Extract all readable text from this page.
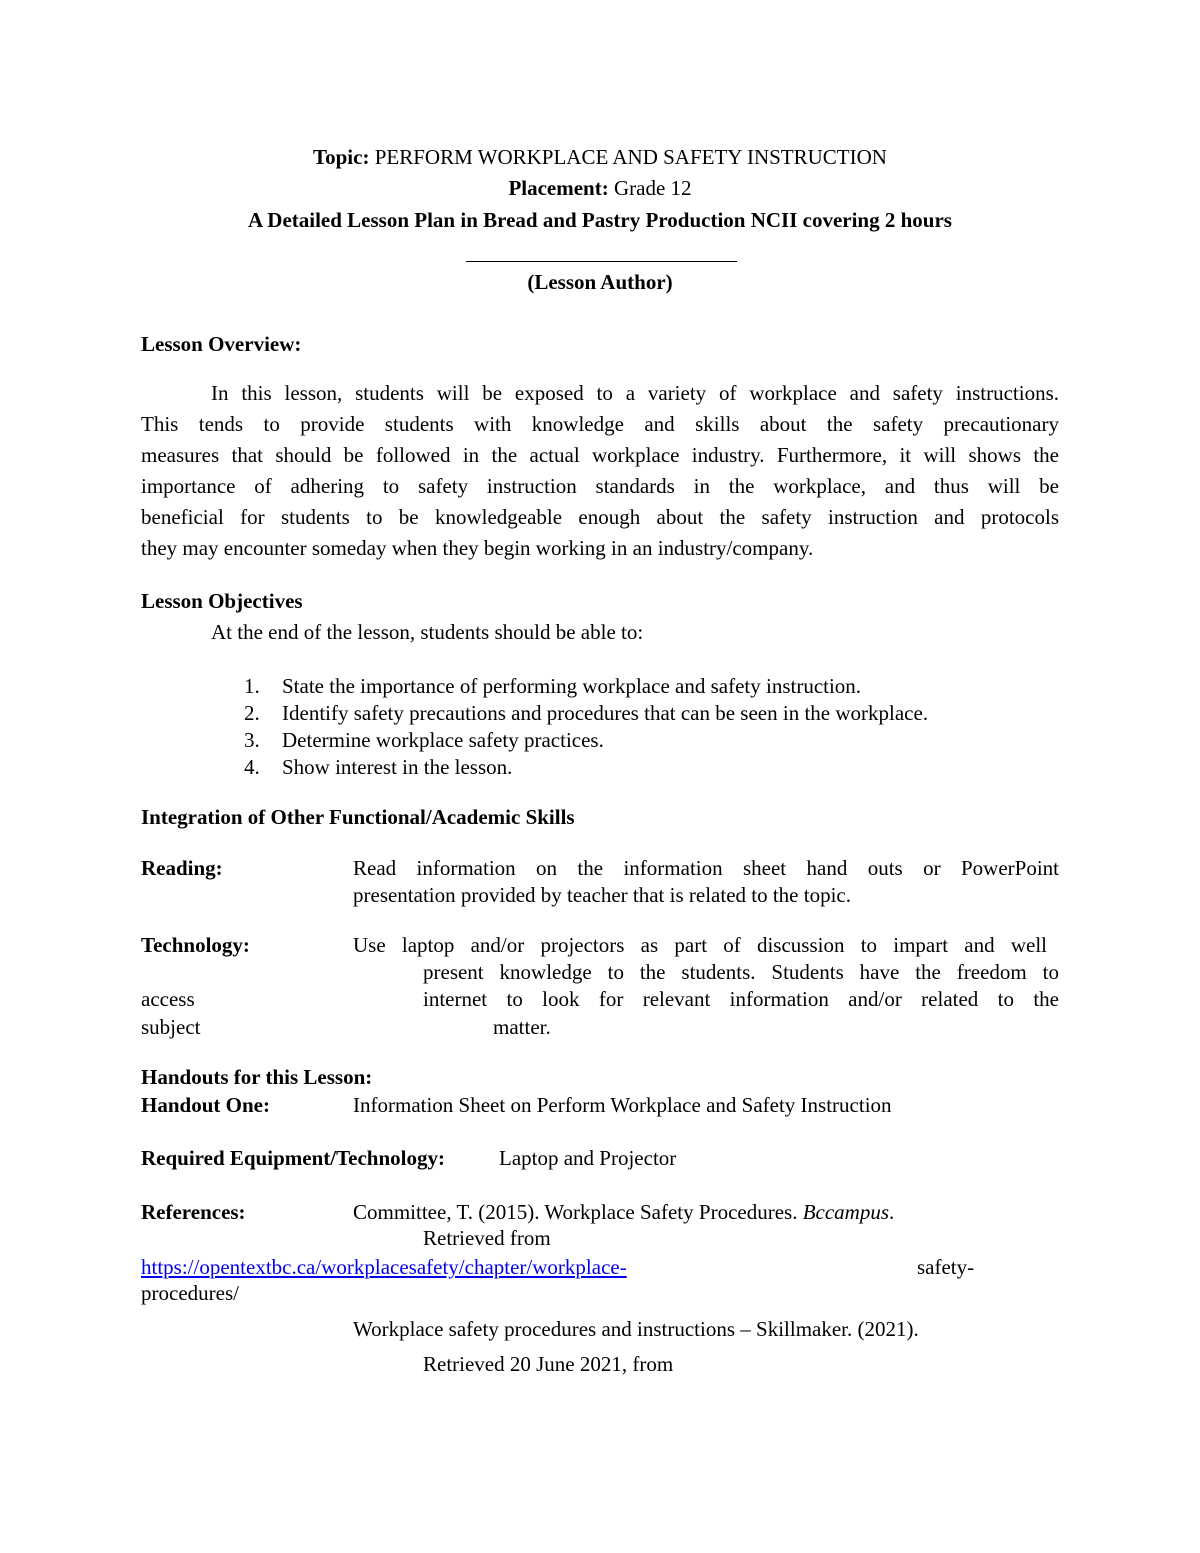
Topic: PERFORM WORKPLACE AND SAFETY INSTRUCTION
Placement: Grade 12
A Detailed Lesson Plan in Bread and Pastry Production NCII covering 2 hours
(Lesson Author)
Lesson Overview:
In this lesson, students will be exposed to a variety of workplace and safety instructions.
This tends to provide students with knowledge and skills about the safety precautionary
measures that should be followed in the actual workplace industry. Furthermore, it will shows the
importance of adhering to safety instruction standards in the workplace, and thus will be
beneficial for students to be knowledgeable enough about the safety instruction and protocols
they may encounter someday when they begin working in an industry/company.
Lesson Objectives
At the end of the lesson, students should be able to:
1. State the importance of performing workplace and safety instruction.
2. Identify safety precautions and procedures that can be seen in the workplace.
3. Determine workplace safety practices.
4. Show interest in the lesson.
Integration of Other Functional/Academic Skills
Reading:	Read information on the information sheet hand outs or PowerPoint
presentation provided by teacher that is related to the topic.
Technology:	Use laptop and/or projectors as part of discussion to impart and well
present knowledge to the students. Students have the freedom to
access	internet to look for relevant information and/or related to the
subject	matter.
Handouts for this Lesson:
Handout One:	Information Sheet on Perform Workplace and Safety Instruction
Required Equipment/Technology:	Laptop and Projector
References:	Committee, T. (2015). Workplace Safety Procedures. Bccampus.
Retrieved from
https://opentextbc.ca/workplacesafety/chapter/workplace-	safety-
procedures/
Workplace safety procedures and instructions – Skillmaker. (2021).
Retrieved 20 June 2021, from
